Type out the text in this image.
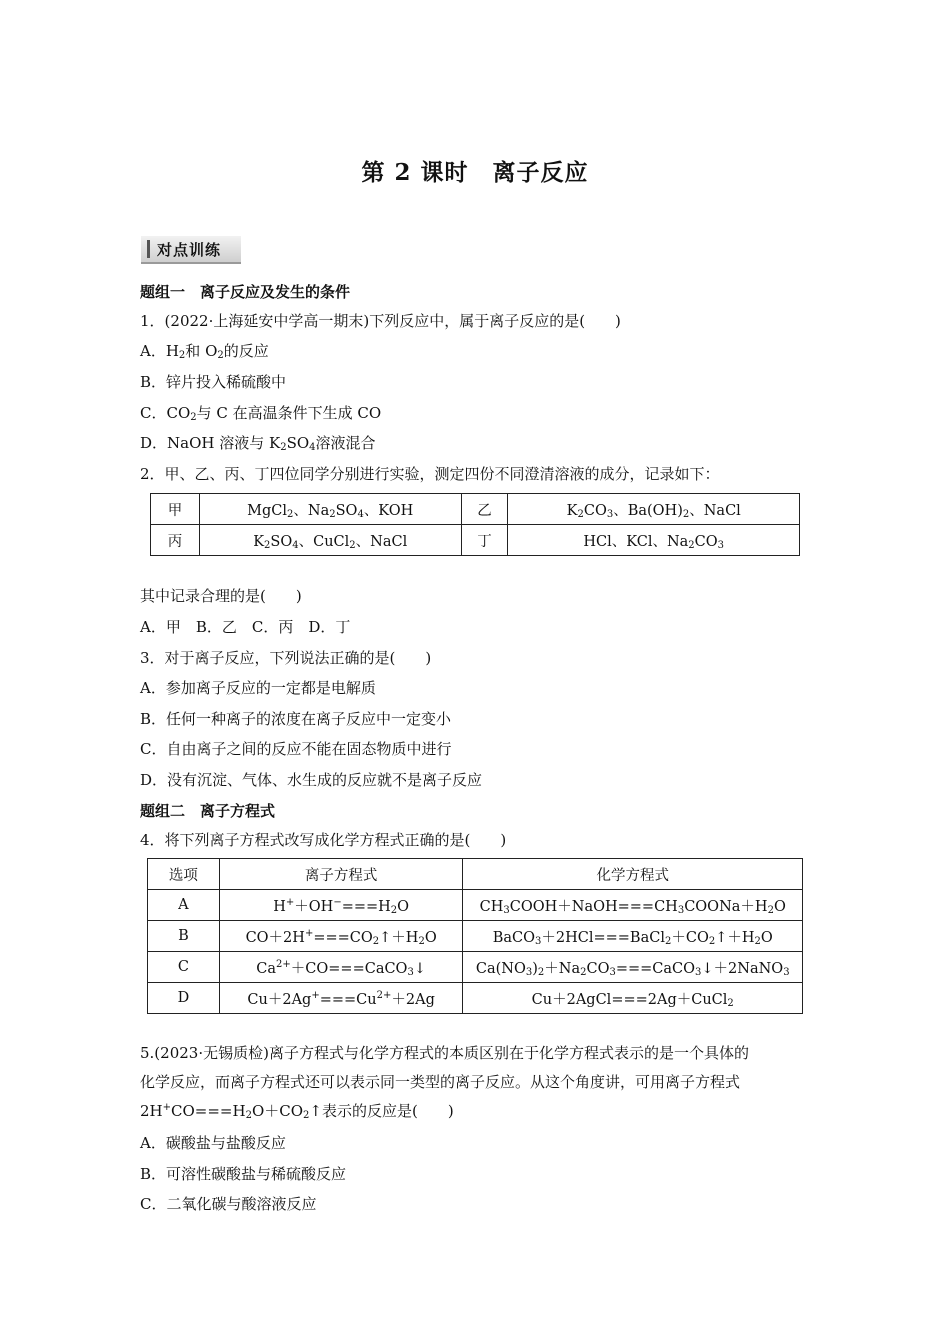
第 2 课时　离子反应
对点训练
题组一　离子反应及发生的条件
1．(2022·上海延安中学高一期末)下列反应中，属于离子反应的是(　　)
A．$H_2$和 $O_2$的反应
B．锌片投入稀硫酸中
C．$CO_2$与 C 在高温条件下生成 CO
D．NaOH 溶液与 $K_2SO_4$溶液混合
2．甲、乙、丙、丁四位同学分别进行实验，测定四份不同澄清溶液的成分，记录如下：
甲	MgCl$_2$、$Na_2SO_4$、KOH	乙	$K_2CO_3$、$Ba(OH)_2$、NaCl
丙	$K_2SO_4$、CuCl$_2$、NaCl	丁	HCl、KCl、$Na_2CO_3$
其中记录合理的是(　　)
A．甲　B．乙　C．丙　D．丁
3．对于离子反应，下列说法正确的是(　　)
A．参加离子反应的一定都是电解质
B．任何一种离子的浓度在离子反应中一定变小
C．自由离子之间的反应不能在固态物质中进行
D．没有沉淀、气体、水生成的反应就不是离子反应
题组二　离子方程式
4．将下列离子方程式改写成化学方程式正确的是(　　)
选项	离子方程式	化学方程式
A	$H^++OH^-===H_2O$	$CH_3COOH+NaOH===CH_3COONa+H_2O$
B	$CO+2H^+===CO_2↑+H_2O$	$BaCO_3+2HCl===BaCl_2+CO_2↑+H_2O$
C	$Ca^{2+}+CO===CaCO_3↓$	$Ca(NO_3)_2+Na_2CO_3===CaCO_3↓+2NaNO_3$
D	$Cu+2Ag^+===Cu^{2+}+2Ag$	Cu＋2AgCl===2Ag＋CuCl$_2$
5.(2023·无锡质检)离子方程式与化学方程式的本质区别在于化学方程式表示的是一个具体的
化学反应，而离子方程式还可以表示同一类型的离子反应。从这个角度讲，可用离子方程式
$2H^+CO===H_2O+CO_2↑$表示的反应是(　　)
A．碳酸盐与盐酸反应
B．可溶性碳酸盐与稀硫酸反应
C．二氧化碳与酸溶液反应
